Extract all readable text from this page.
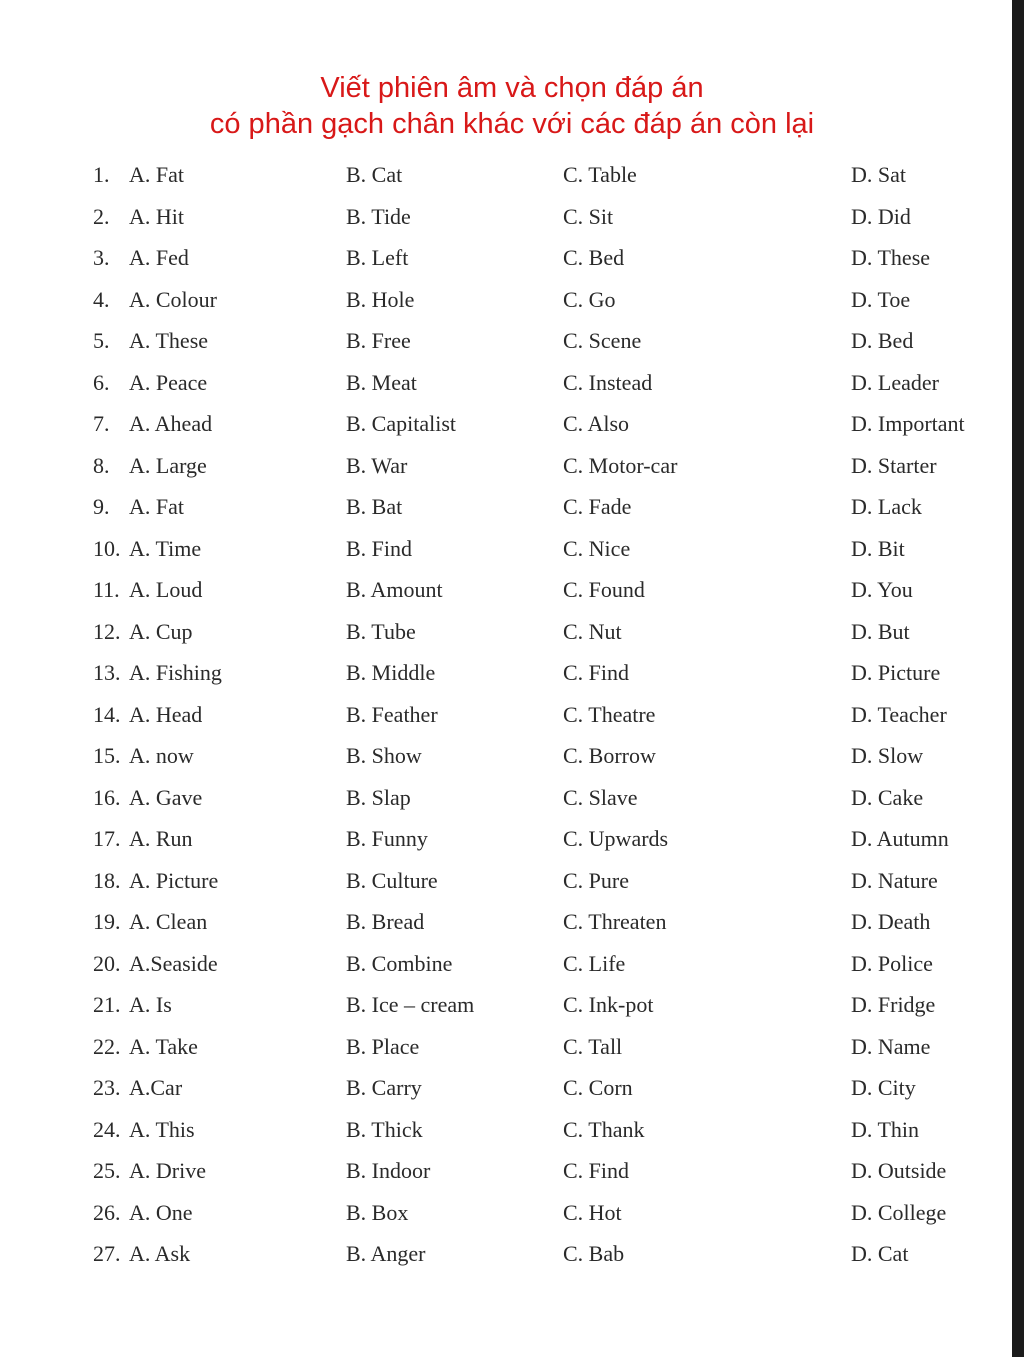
Viết phiên âm và chọn đáp án
có phần gạch chân khác với các đáp án còn lại
1. A. Fat	B. Cat	C. Table	D. Sat
2. A. Hit	B. Tide	C. Sit	D. Did
3. A. Fed	B. Left	C. Bed	D. These
4. A. Colour	B. Hole	C. Go	D. Toe
5. A. These	B. Free	C. Scene	D. Bed
6. A. Peace	B. Meat	C. Instead	D. Leader
7. A. Ahead	B. Capitalist	C. Also	D. Important
8. A. Large	B. War	C. Motor-car	D. Starter
9. A. Fat	B. Bat	C. Fade	D. Lack
10. A. Time	B. Find	C. Nice	D. Bit
11. A. Loud	B. Amount	C. Found	D. You
12. A. Cup	B. Tube	C. Nut	D. But
13. A. Fishing	B. Middle	C. Find	D. Picture
14. A. Head	B. Feather	C. Theatre	D. Teacher
15. A. now	B. Show	C. Borrow	D. Slow
16. A. Gave	B. Slap	C. Slave	D. Cake
17. A. Run	B. Funny	C. Upwards	D. Autumn
18. A. Picture	B. Culture	C. Pure	D. Nature
19. A. Clean	B. Bread	C. Threaten	D. Death
20. A.Seaside	B. Combine	C. Life	D. Police
21. A. Is	B. Ice – cream	C. Ink-pot	D. Fridge
22. A. Take	B. Place	C. Tall	D. Name
23. A.Car	B. Carry	C. Corn	D. City
24. A. This	B. Thick	C. Thank	D. Thin
25. A. Drive	B. Indoor	C. Find	D. Outside
26. A. One	B. Box	C. Hot	D. College
27. A. Ask	B. Anger	C. Bab	D. Cat
